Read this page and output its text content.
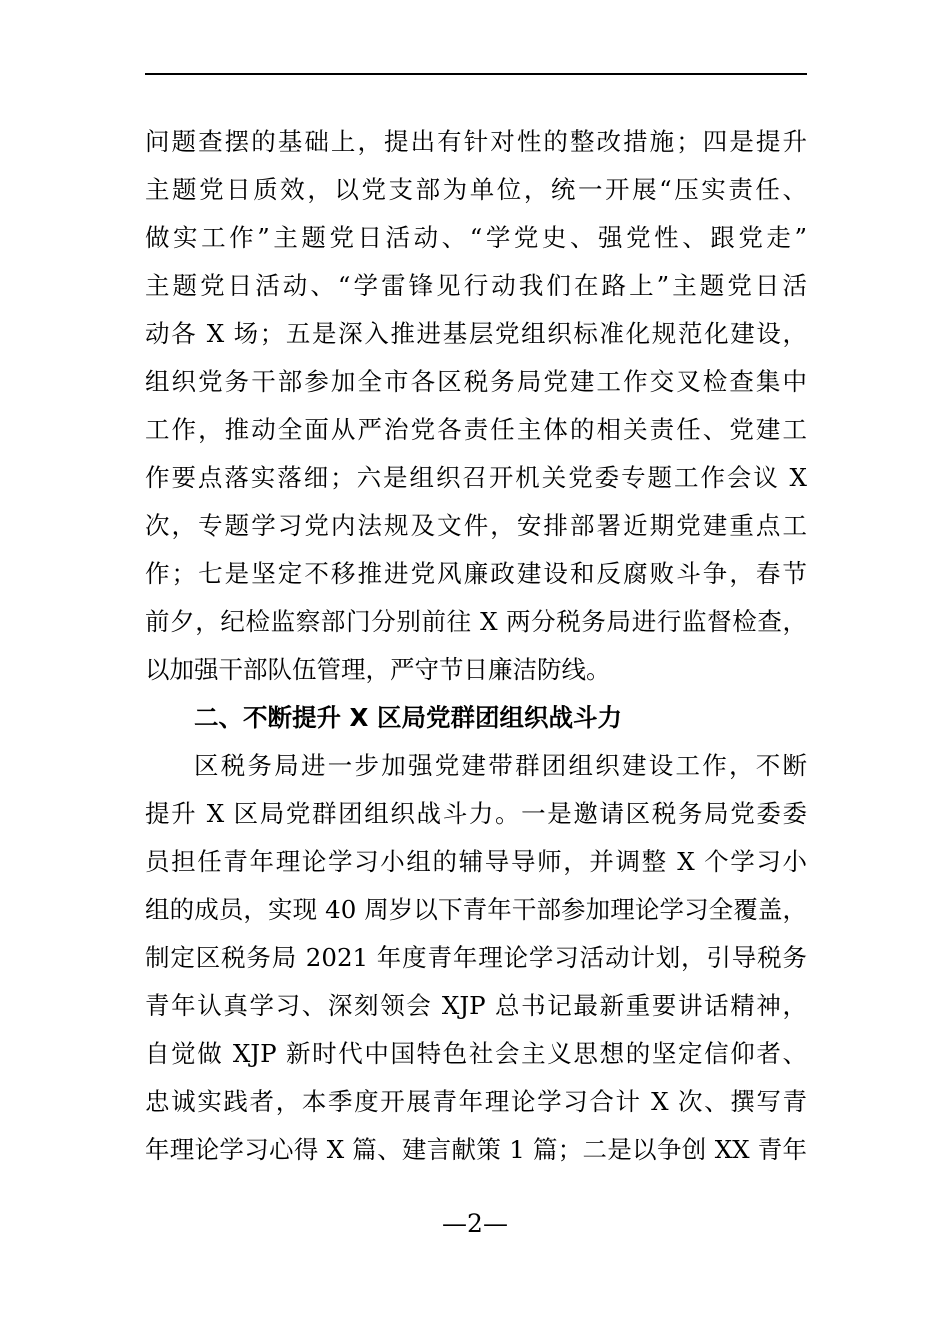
问题查摆的基础上，提出有针对性的整改措施；四是提升
主题党日质效，以党支部为单位，统一开展“压实责任、
做实工作”主题党日活动、“学党史、强党性、跟党走”
主题党日活动、“学雷锋见行动我们在路上”主题党日活
动各 X 场；五是深入推进基层党组织标准化规范化建设，
组织党务干部参加全市各区税务局党建工作交叉检查集中
工作，推动全面从严治党各责任主体的相关责任、党建工
作要点落实落细；六是组织召开机关党委专题工作会议 X
次，专题学习党内法规及文件，安排部署近期党建重点工
作；七是坚定不移推进党风廉政建设和反腐败斗争，春节
前夕，纪检监察部门分别前往 X 两分税务局进行监督检查，
以加强干部队伍管理，严守节日廉洁防线。
二、不断提升 X 区局党群团组织战斗力
区税务局进一步加强党建带群团组织建设工作，不断
提升 X 区局党群团组织战斗力。一是邀请区税务局党委委
员担任青年理论学习小组的辅导导师，并调整 X 个学习小
组的成员，实现 40 周岁以下青年干部参加理论学习全覆盖，
制定区税务局 2021 年度青年理论学习活动计划，引导税务
青年认真学习、深刻领会 XJP 总书记最新重要讲话精神，
自觉做 XJP 新时代中国特色社会主义思想的坚定信仰者、
忠诚实践者，本季度开展青年理论学习合计 X 次、撰写青
年理论学习心得 X 篇、建言献策 1 篇；二是以争创 XX 青年
—2—
